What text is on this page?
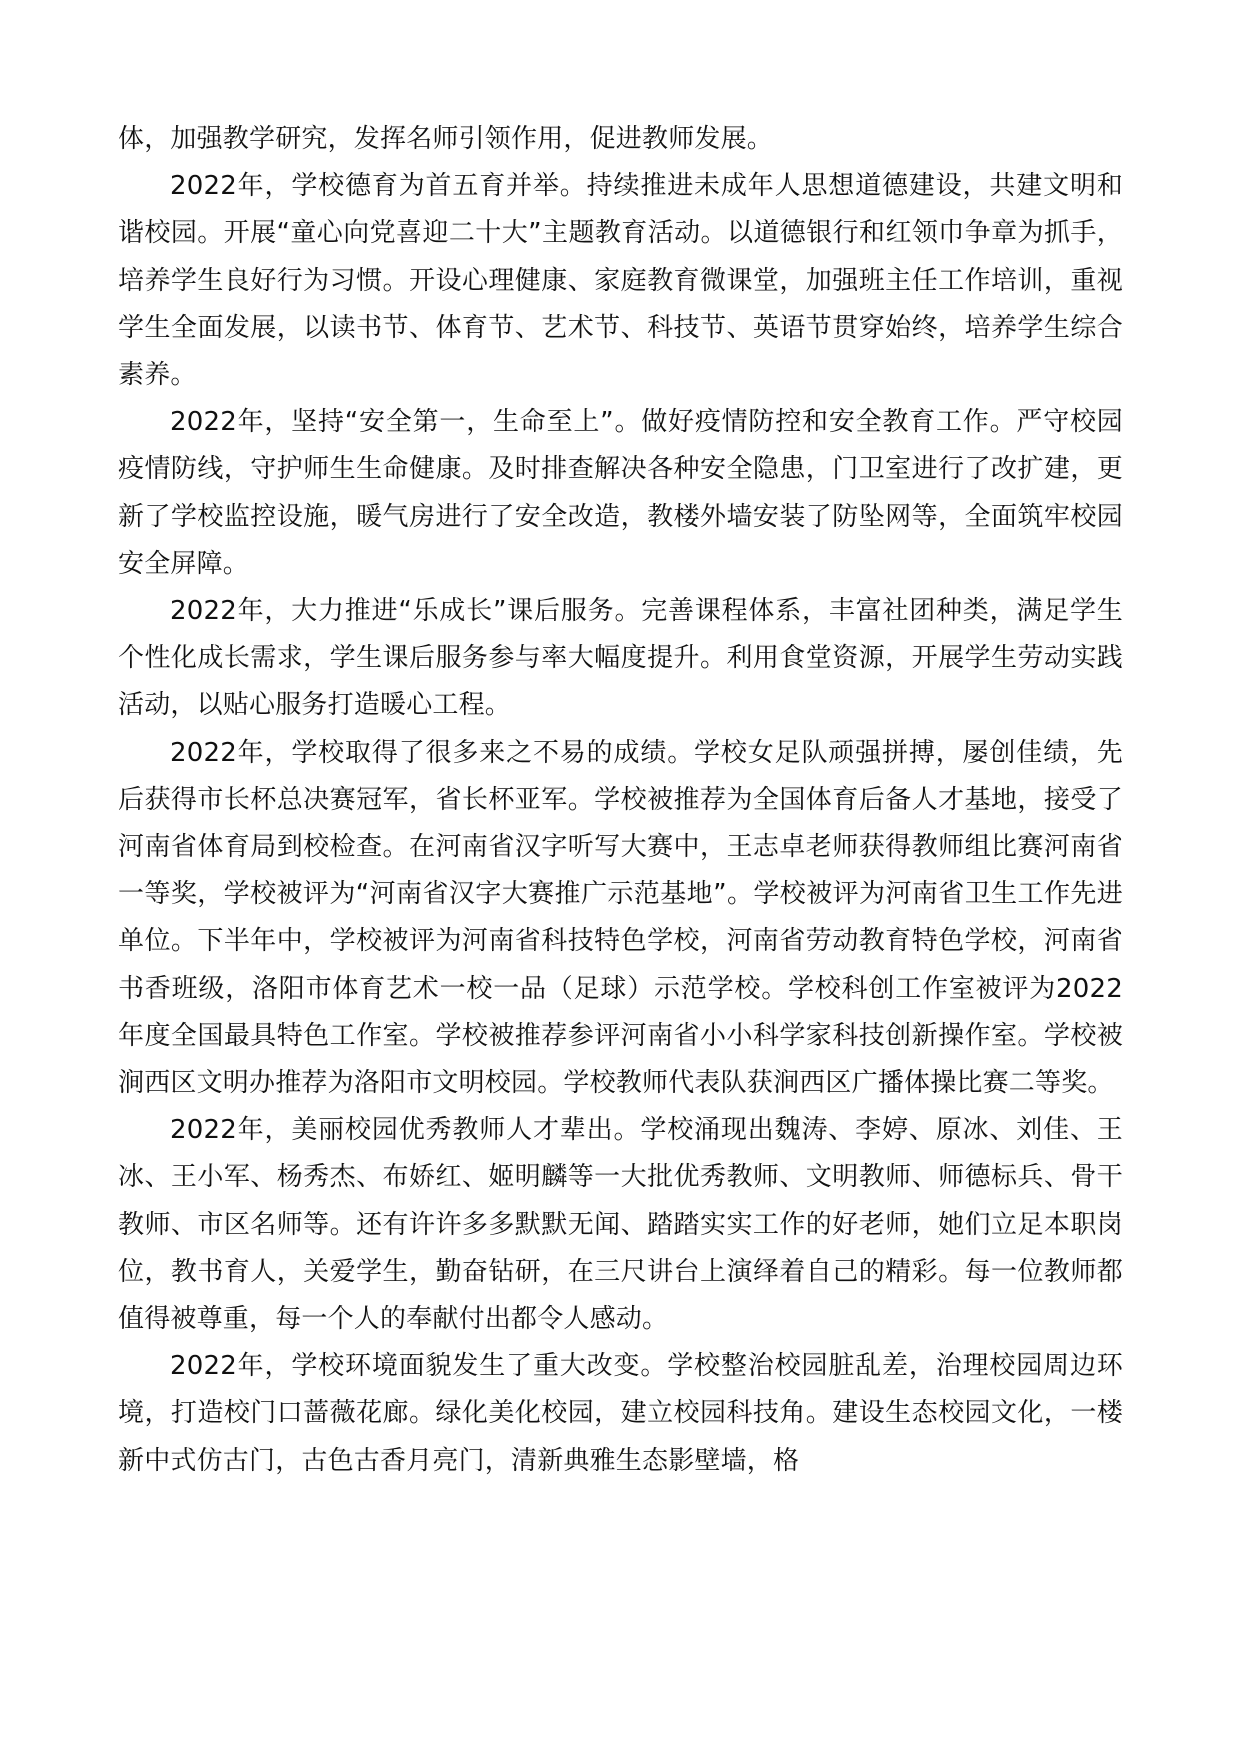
体，加强教学研究，发挥名师引领作用，促进教师发展。

2022年，学校德育为首五育并举。持续推进未成年人思想道德建设，共建文明和谐校园。开展“童心向党喜迎二十大”主题教育活动。以道德银行和红领巾争章为抓手，培养学生良好行为习惯。开设心理健康、家庭教育微课堂，加强班主任工作培训，重视学生全面发展，以读书节、体育节、艺术节、科技节、英语节贯穿始终，培养学生综合素养。

2022年，坚持“安全第一，生命至上”。做好疫情防控和安全教育工作。严守校园疫情防线，守护师生生命健康。及时排查解决各种安全隐患，门卫室进行了改扩建，更新了学校监控设施，暖气房进行了安全改造，教楼外墙安装了防坠网等，全面筑牢校园安全屏障。

2022年，大力推进“乐成长”课后服务。完善课程体系，丰富社团种类，满足学生个性化成长需求，学生课后服务参与率大幅度提升。利用食堂资源，开展学生劳动实践活动，以贴心服务打造暖心工程。

2022年，学校取得了很多来之不易的成绩。学校女足队顽强拼搏，屡创佳绩，先后获得市长杯总决赛冠军，省长杯亚军。学校被推荐为全国体育后备人才基地，接受了河南省体育局到校检查。在河南省汉字听写大赛中，王志卓老师获得教师组比赛河南省一等奖，学校被评为“河南省汉字大赛推广示范基地”。学校被评为河南省卫生工作先进单位。下半年中，学校被评为河南省科技特色学校，河南省劳动教育特色学校，河南省书香班级，洛阳市体育艺术一校一品（足球）示范学校。学校科创工作室被评为2022年度全国最具特色工作室。学校被推荐参评河南省小小科学家科技创新操作室。学校被涧西区文明办推荐为洛阳市文明校园。学校教师代表队获涧西区广播体操比赛二等奖。

2022年，美丽校园优秀教师人才辈出。学校涌现出魏涛、李婷、原冰、刘佳、王冰、王小军、杨秀杰、布娇红、姬明麟等一大批优秀教师、文明教师、师德标兵、骨干教师、市区名师等。还有许许多多默默无闻、踏踏实实工作的好老师，她们立足本职岗位，教书育人，关爱学生，勤奋钻研，在三尺讲台上演绎着自己的精彩。每一位教师都值得被尊重，每一个人的奉献付出都令人感动。

2022年，学校环境面貌发生了重大改变。学校整治校园脏乱差，治理校园周边环境，打造校门口蔷薇花廊。绿化美化校园，建立校园科技角。建设生态校园文化，一楼新中式仿古门，古色古香月亮门，清新典雅生态影壁墙，格
